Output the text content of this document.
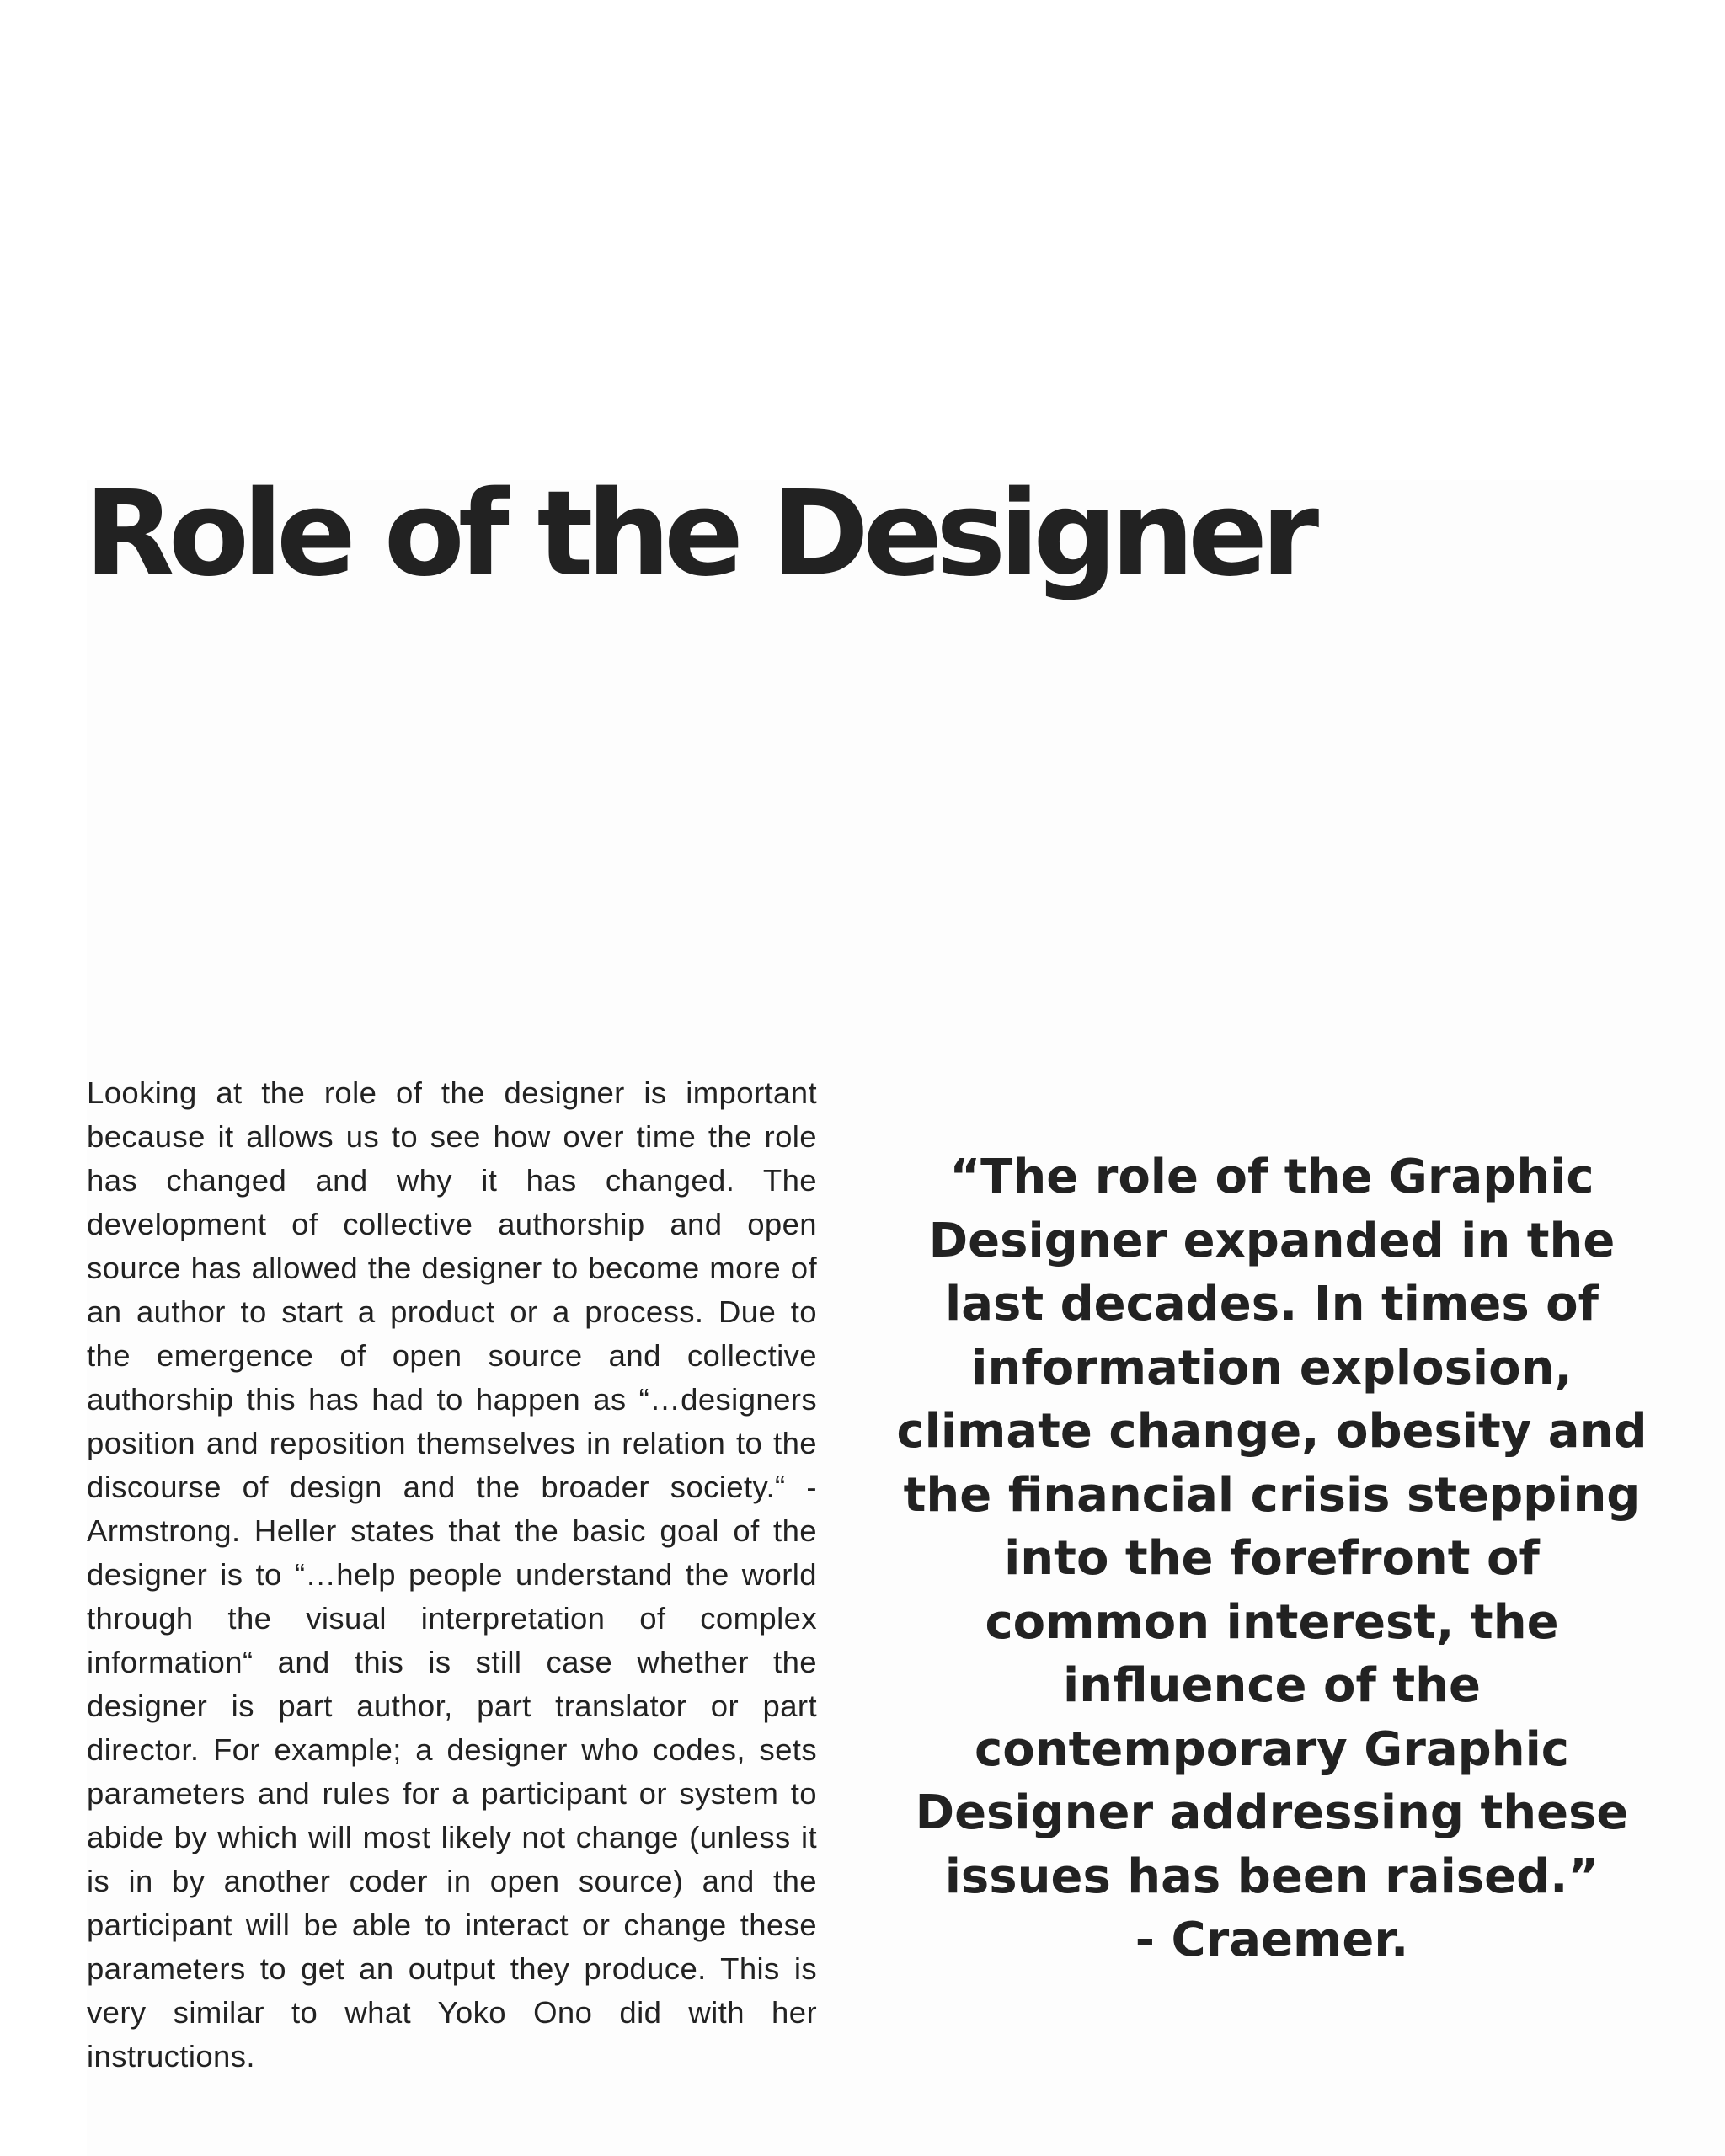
Role of the Designer

Looking at the role of the designer is important because it allows us to see how over time the role has changed and why it has changed. The development of collective authorship and open source has allowed the designer to become more of an author to start a product or a process. Due to the emergence of open source and collective authorship this has had to happen as “…designers position and reposition themselves in relation to the discourse of design and the broader society.“ - Armstrong. Heller states that the basic goal of the designer is to “…help people understand the world through the visual interpretation of complex information“ and this is still case whether the designer is part author, part translator or part director. For example; a designer who codes, sets parameters and rules for a participant or system to abide by which will most likely not change (unless it is in by another coder in open source) and the participant will be able to interact or change these parameters to get an output they produce. This is very similar to what Yoko Ono did with her instructions.

“The role of the Graphic Designer expanded in the last decades. In times of information explosion, climate change, obesity and the financial crisis stepping into the forefront of common interest, the influence of the contemporary Graphic Designer addressing these issues has been raised.”

- Craemer.
